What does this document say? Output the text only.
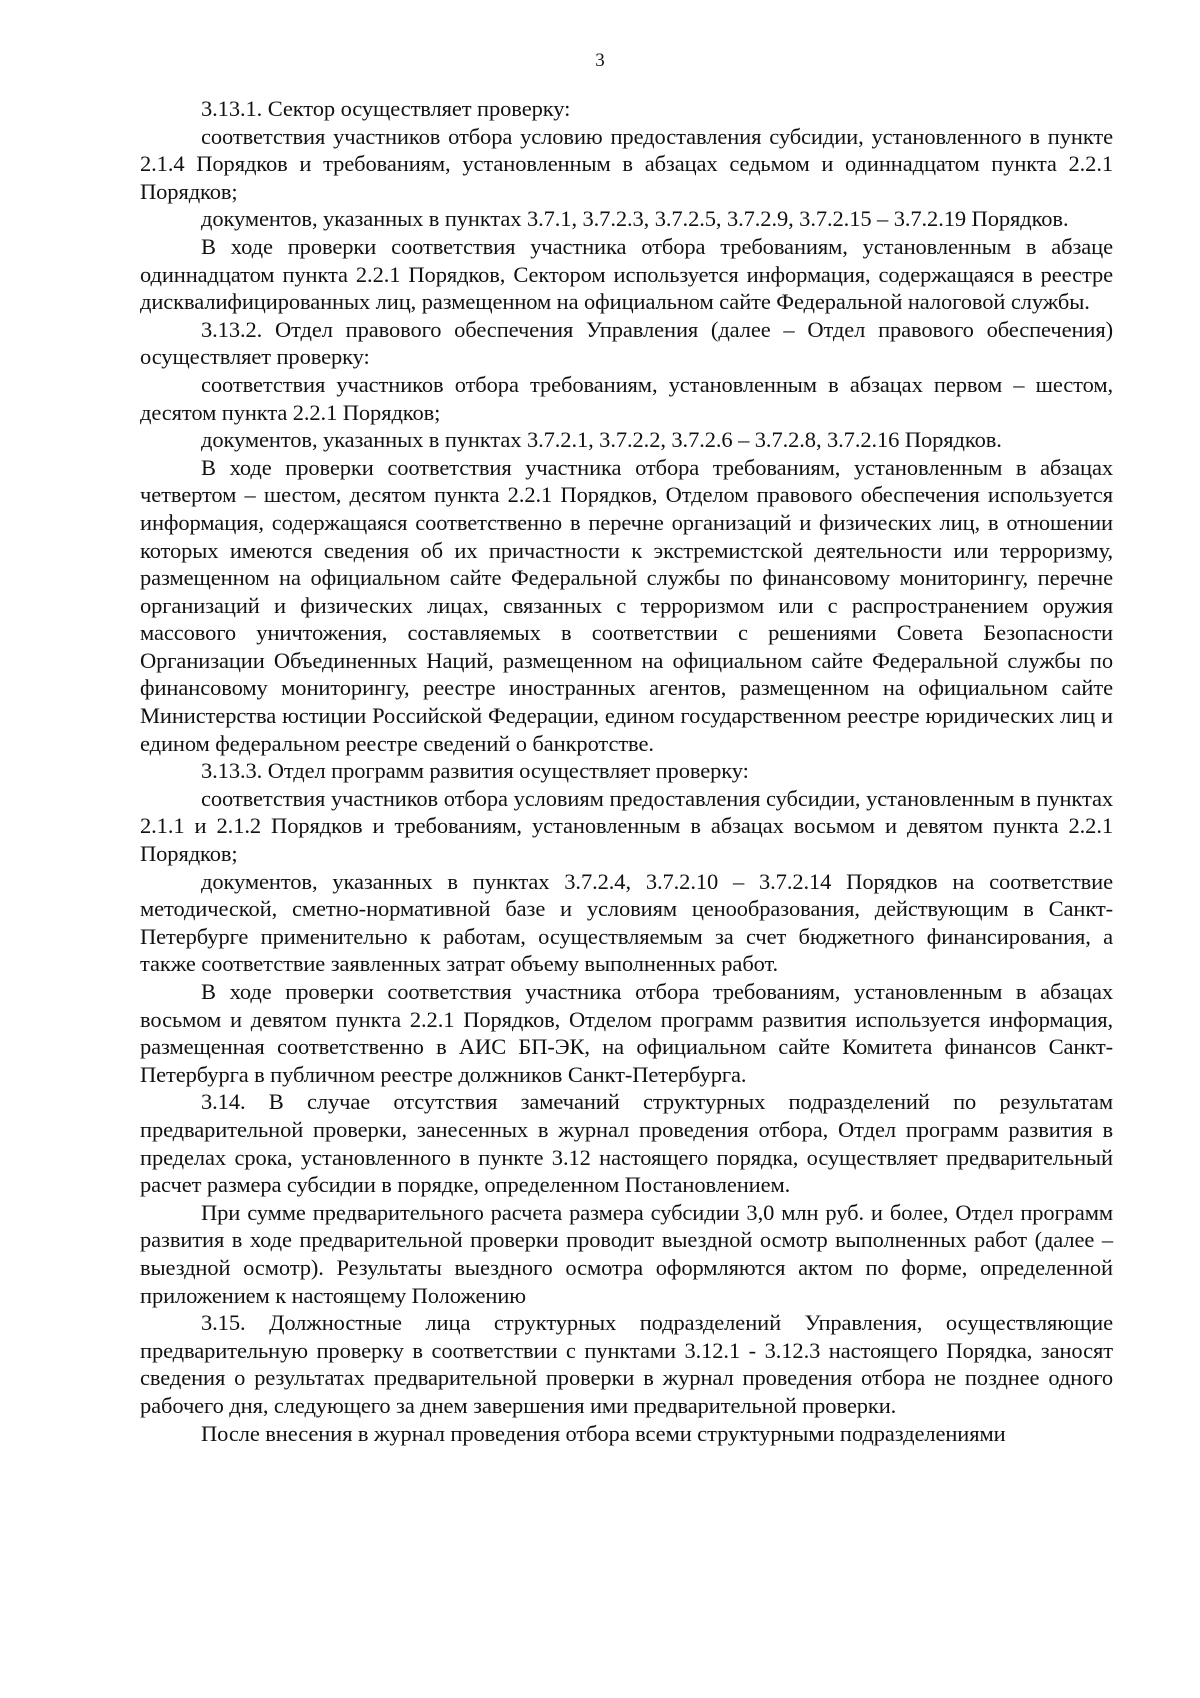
3

3.13.1. Сектор осуществляет проверку:

соответствия участников отбора условию предоставления субсидии, установленного в пункте 2.1.4 Порядков и требованиям, установленным в абзацах седьмом и одиннадцатом пункта 2.2.1 Порядков;

документов, указанных в пунктах 3.7.1, 3.7.2.3, 3.7.2.5, 3.7.2.9, 3.7.2.15 – 3.7.2.19 Порядков.

В ходе проверки соответствия участника отбора требованиям, установленным в абзаце одиннадцатом пункта 2.2.1 Порядков, Сектором используется информация, содержащаяся в реестре дисквалифицированных лиц, размещенном на официальном сайте Федеральной налоговой службы.

3.13.2. Отдел правового обеспечения Управления (далее – Отдел правового обеспечения) осуществляет проверку:

соответствия участников отбора требованиям, установленным в абзацах первом – шестом, десятом пункта 2.2.1 Порядков;

документов, указанных в пунктах 3.7.2.1, 3.7.2.2, 3.7.2.6 – 3.7.2.8, 3.7.2.16 Порядков.

В ходе проверки соответствия участника отбора требованиям, установленным в абзацах четвертом – шестом, десятом пункта 2.2.1 Порядков, Отделом правового обеспечения используется информация, содержащаяся соответственно в перечне организаций и физических лиц, в отношении которых имеются сведения об их причастности к экстремистской деятельности или терроризму, размещенном на официальном сайте Федеральной службы по финансовому мониторингу, перечне организаций и физических лицах, связанных с терроризмом или с распространением оружия массового уничтожения, составляемых в соответствии с решениями Совета Безопасности Организации Объединенных Наций, размещенном на официальном сайте Федеральной службы по финансовому мониторингу, реестре иностранных агентов, размещенном на официальном сайте Министерства юстиции Российской Федерации, едином государственном реестре юридических лиц и едином федеральном реестре сведений о банкротстве.

3.13.3. Отдел программ развития осуществляет проверку:

соответствия участников отбора условиям предоставления субсидии, установленным в пунктах 2.1.1 и 2.1.2 Порядков и требованиям, установленным в абзацах восьмом и девятом пункта 2.2.1 Порядков;

документов, указанных в пунктах 3.7.2.4, 3.7.2.10 – 3.7.2.14 Порядков на соответствие методической, сметно-нормативной базе и условиям ценообразования, действующим в Санкт-Петербурге применительно к работам, осуществляемым за счет бюджетного финансирования, а также соответствие заявленных затрат объему выполненных работ.

В ходе проверки соответствия участника отбора требованиям, установленным в абзацах восьмом и девятом пункта 2.2.1 Порядков, Отделом программ развития используется информация, размещенная соответственно в АИС БП-ЭК, на официальном сайте Комитета финансов Санкт-Петербурга в публичном реестре должников Санкт-Петербурга.

3.14. В случае отсутствия замечаний структурных подразделений по результатам предварительной проверки, занесенных в журнал проведения отбора, Отдел программ развития в пределах срока, установленного в пункте 3.12 настоящего порядка, осуществляет предварительный расчет размера субсидии в порядке, определенном Постановлением.

При сумме предварительного расчета размера субсидии 3,0 млн руб. и более, Отдел программ развития в ходе предварительной проверки проводит выездной осмотр выполненных работ (далее – выездной осмотр). Результаты выездного осмотра оформляются актом по форме, определенной приложением к настоящему Положению

3.15. Должностные лица структурных подразделений Управления, осуществляющие предварительную проверку в соответствии с пунктами 3.12.1 - 3.12.3 настоящего Порядка, заносят сведения о результатах предварительной проверки в журнал проведения отбора не позднее одного рабочего дня, следующего за днем завершения ими предварительной проверки.

После внесения в журнал проведения отбора всеми структурными подразделениями
